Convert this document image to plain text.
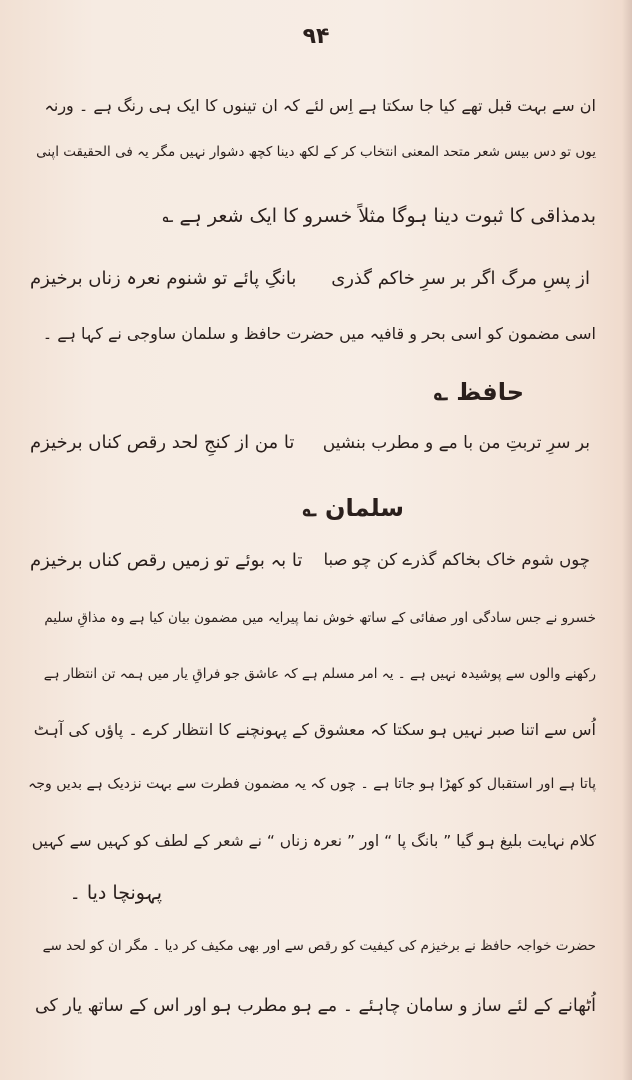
۹۴
ان سے بہت قبل تھے کیا جا سکتا ہے اِس لئے کہ ان تینوں کا ایک ہی رنگ ہے ۔ ورنہ
یوں تو دس بیس شعر متحد المعنی انتخاب کر کے لکھ دینا کچھ دشوار نہیں مگر یہ فی الحقیقت اپنی
بدمذاقی کا ثبوت دینا ہوگا مثلاً خسرو کا ایک شعر ہے ؎
از پسِ مرگ اگر بر سرِ خاکم گذری
بانگِ پائے تو شنوم نعرہ زناں برخیزم
اسی مضمون کو اسی بحر و قافیہ میں حضرت حافظ و سلمان ساوجی نے کہا ہے ۔
حافظ ؎
بر سرِ تربتِ من با مے و مطرب بنشیں
تا من از کنجِ لحد رقص کناں برخیزم
سلمان ؎
چوں شوم خاک بخاکم گذرے کن چو صبا
تا بہ بوئے تو زمیں رقص کناں برخیزم
خسرو نے جس سادگی اور صفائی کے ساتھ خوش نما پیرایہ میں مضمون بیان کیا ہے وہ مذاقِ سلیم
رکھنے والوں سے پوشیدہ نہیں ہے ۔ یہ امر مسلم ہے کہ عاشق جو فراقِ یار میں ہمہ تن انتظار ہے
اُس سے اتنا صبر نہیں ہو سکتا کہ معشوق کے پہونچنے کا انتظار کرے ۔ پاؤں کی آہٹ
پاتا ہے اور استقبال کو کھڑا ہو جاتا ہے ۔ چوں کہ یہ مضمون فطرت سے بہت نزدیک ہے بدیں وجہ
کلام نہایت بلیغ ہو گیا ” بانگ پا “ اور ” نعرہ زناں “ نے شعر کے لطف کو کہیں سے کہیں
پہونچا دیا ۔
حضرت خواجہ حافظ نے برخیزم کی کیفیت کو رقص سے اور بھی مکیف کر دیا ۔ مگر ان کو لحد سے
اُٹھانے کے لئے ساز و سامان چاہئے ۔ مے ہو مطرب ہو اور اس کے ساتھ یار کی
